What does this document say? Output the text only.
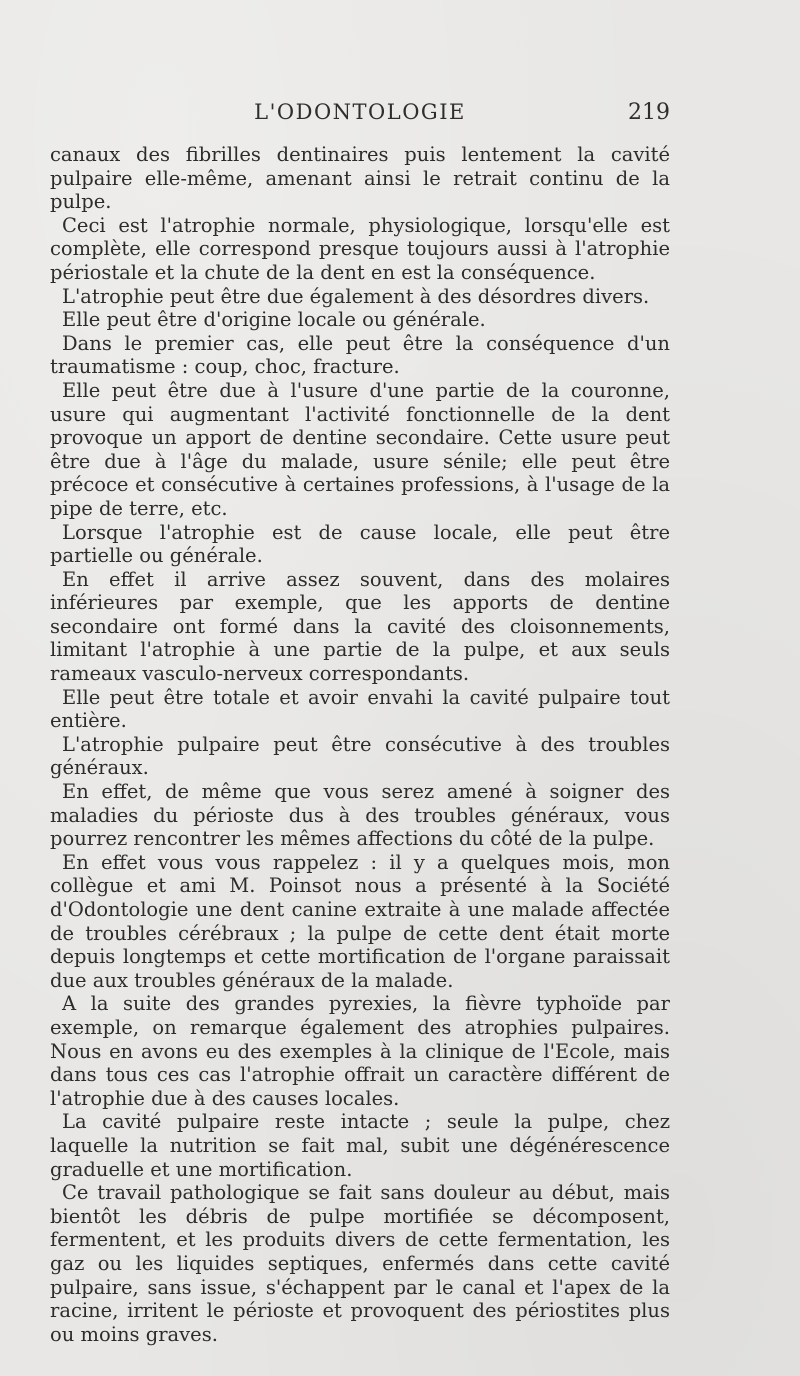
L'ODONTOLOGIE	219

canaux des fibrilles dentinaires puis lentement la cavité pulpaire elle-même, amenant ainsi le retrait continu de la pulpe.

Ceci est l'atrophie normale, physiologique, lorsqu'elle est complète, elle correspond presque toujours aussi à l'atrophie périostale et la chute de la dent en est la conséquence.

L'atrophie peut être due également à des désordres divers.

Elle peut être d'origine locale ou générale.

Dans le premier cas, elle peut être la conséquence d'un traumatisme : coup, choc, fracture.

Elle peut être due à l'usure d'une partie de la couronne, usure qui augmentant l'activité fonctionnelle de la dent provoque un apport de dentine secondaire. Cette usure peut être due à l'âge du malade, usure sénile; elle peut être précoce et consécutive à certaines professions, à l'usage de la pipe de terre, etc.

Lorsque l'atrophie est de cause locale, elle peut être partielle ou générale.

En effet il arrive assez souvent, dans des molaires inférieures par exemple, que les apports de dentine secondaire ont formé dans la cavité des cloisonnements, limitant l'atrophie à une partie de la pulpe, et aux seuls rameaux vasculo-nerveux correspondants.

Elle peut être totale et avoir envahi la cavité pulpaire tout entière.

L'atrophie pulpaire peut être consécutive à des troubles généraux.

En effet, de même que vous serez amené à soigner des maladies du périoste dus à des troubles généraux, vous pourrez rencontrer les mêmes affections du côté de la pulpe.

En effet vous vous rappelez : il y a quelques mois, mon collègue et ami M. Poinsot nous a présenté à la Société d'Odontologie une dent canine extraite à une malade affectée de troubles cérébraux ; la pulpe de cette dent était morte depuis longtemps et cette mortification de l'organe paraissait due aux troubles généraux de la malade.

A la suite des grandes pyrexies, la fièvre typhoïde par exemple, on remarque également des atrophies pulpaires. Nous en avons eu des exemples à la clinique de l'Ecole, mais dans tous ces cas l'atrophie offrait un caractère différent de l'atrophie due à des causes locales.

La cavité pulpaire reste intacte ; seule la pulpe, chez laquelle la nutrition se fait mal, subit une dégénérescence graduelle et une mortification.

Ce travail pathologique se fait sans douleur au début, mais bientôt les débris de pulpe mortifiée se décomposent, fermentent, et les produits divers de cette fermentation, les gaz ou les liquides septiques, enfermés dans cette cavité pulpaire, sans issue, s'échappent par le canal et l'apex de la racine, irritent le périoste et provoquent des périostites plus ou moins graves.
